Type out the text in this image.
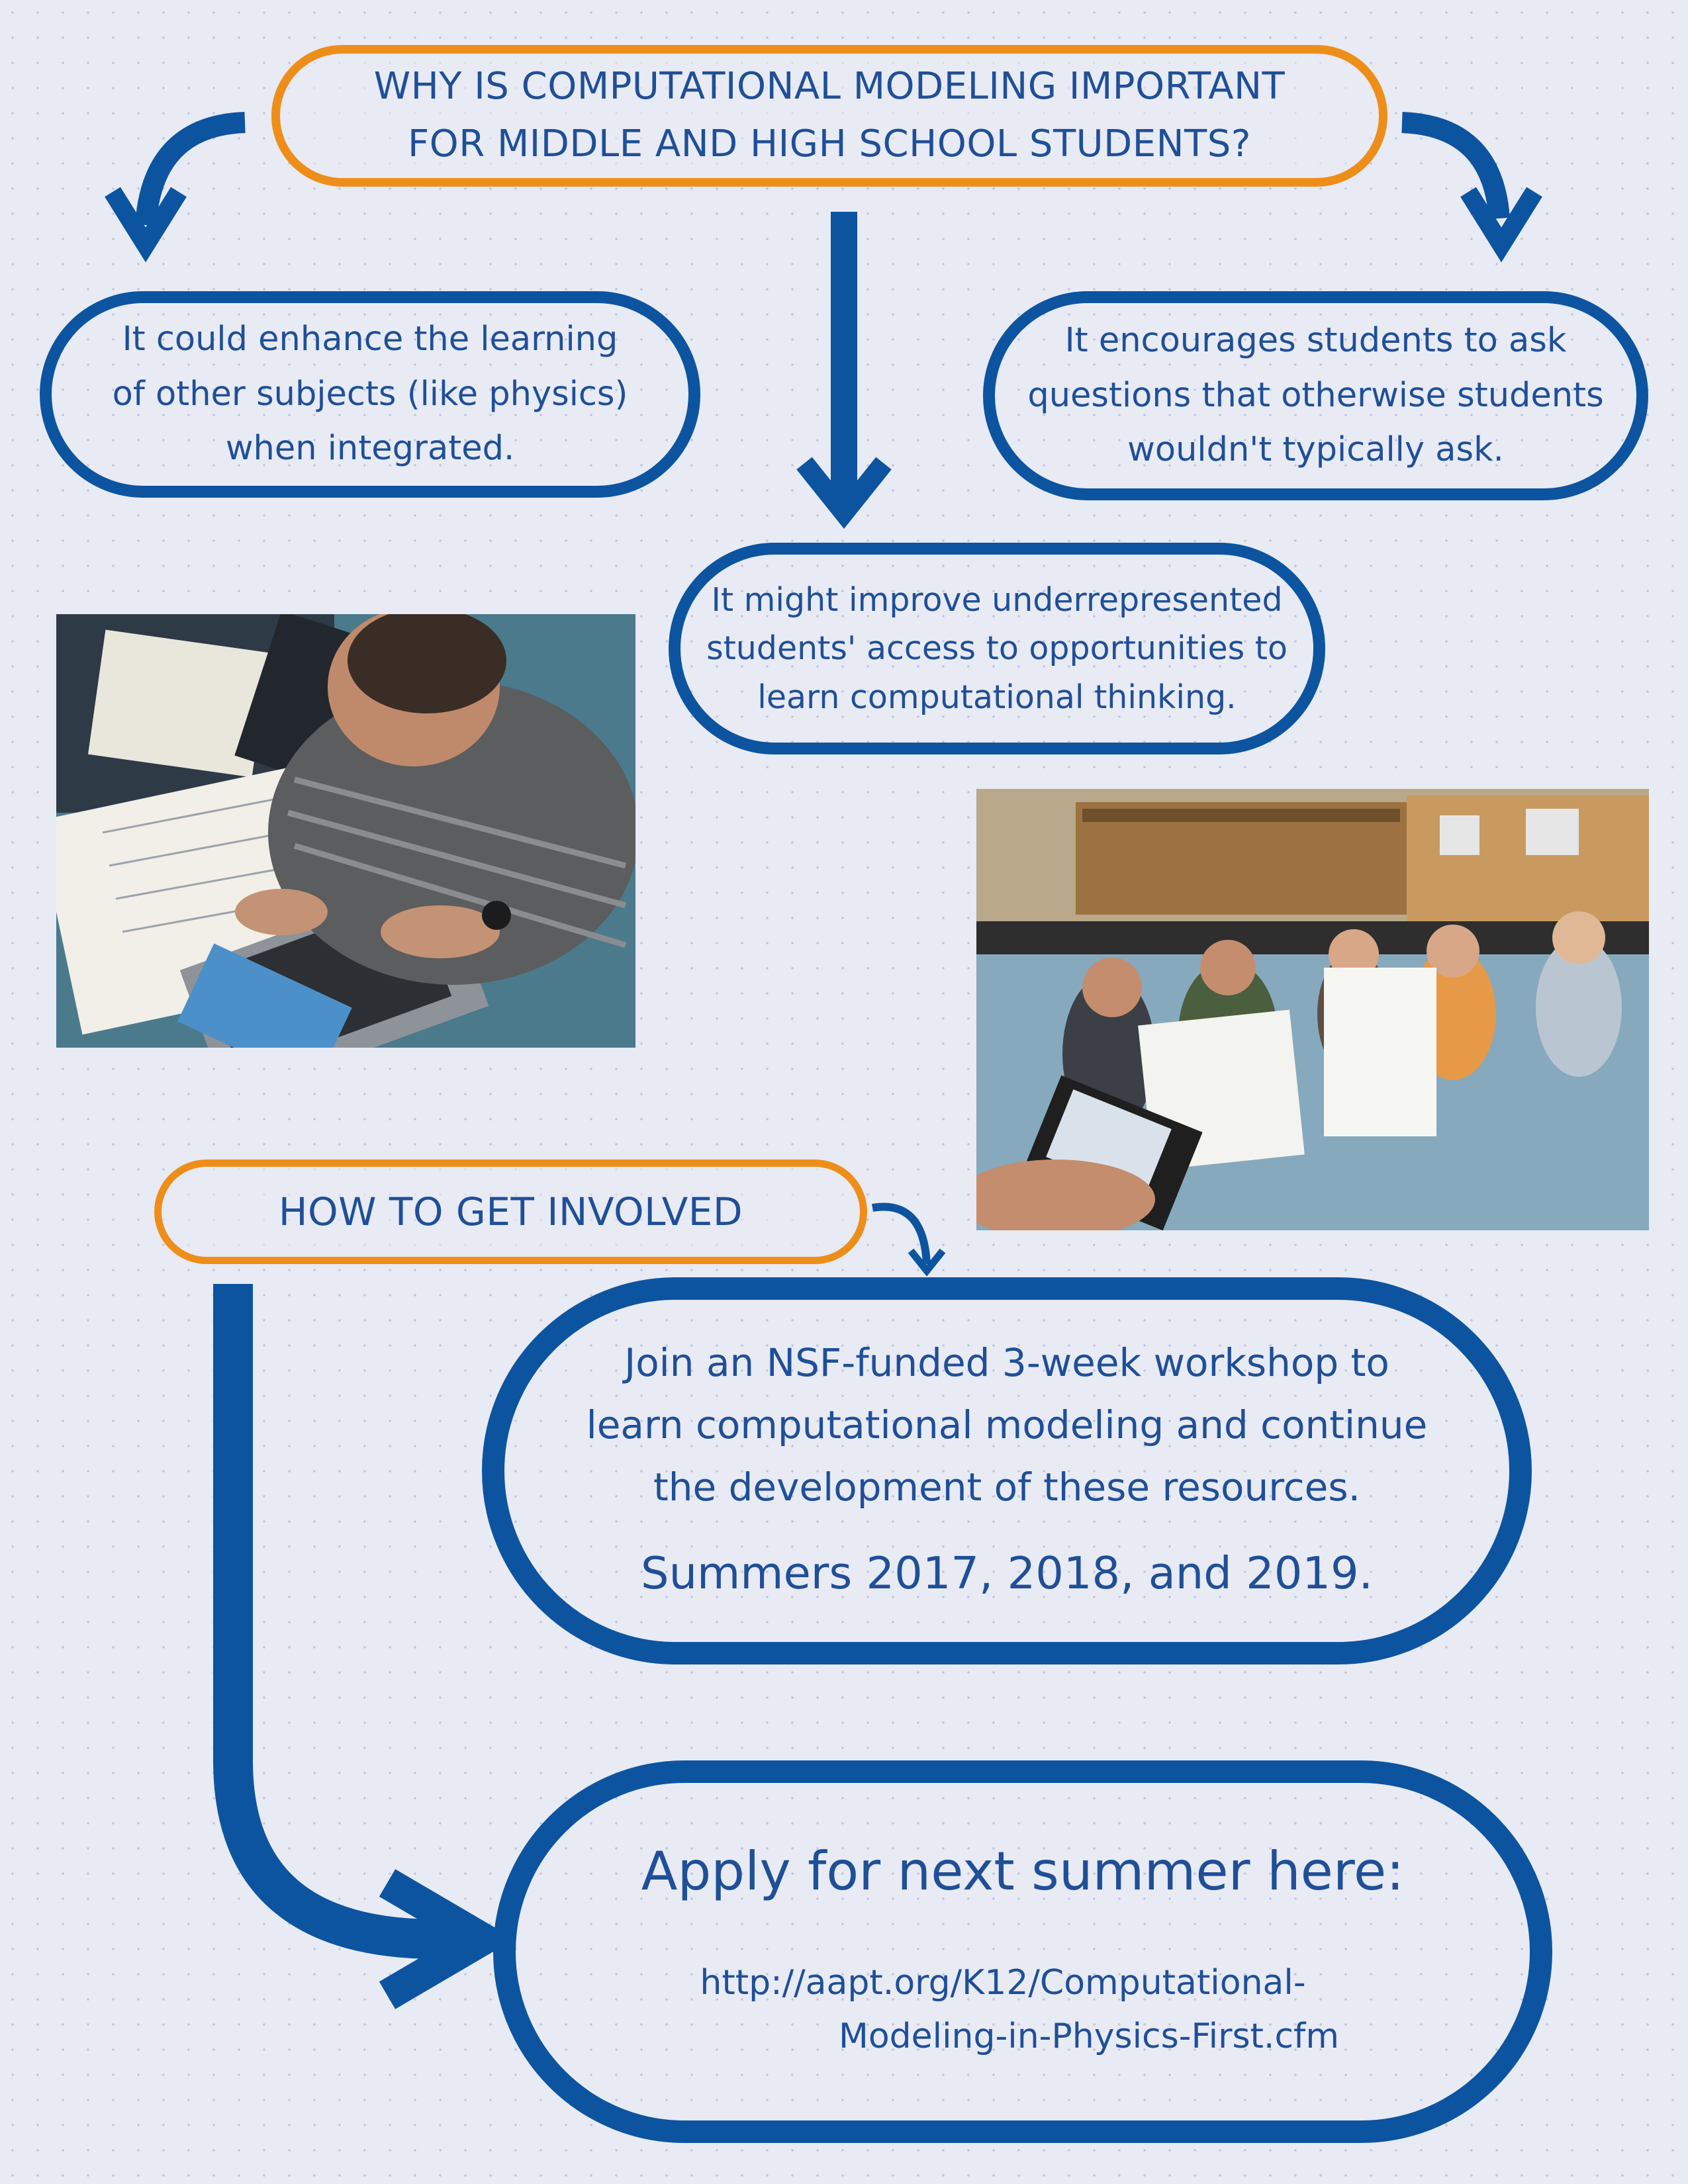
WHY IS COMPUTATIONAL MODELING IMPORTANT
FOR MIDDLE AND HIGH SCHOOL STUDENTS?
It could enhance the learning
of other subjects (like physics)
when integrated.
It encourages students to ask
questions that otherwise students
wouldn't typically ask.
It might improve underrepresented
students' access to opportunities to
learn computational thinking.
HOW TO GET INVOLVED
Join an NSF-funded 3-week workshop to
learn computational modeling and continue
the development of these resources.
Summers 2017, 2018, and 2019.
Apply for next summer here:
http://aapt.org/K12/Computational-
Modeling-in-Physics-First.cfm
